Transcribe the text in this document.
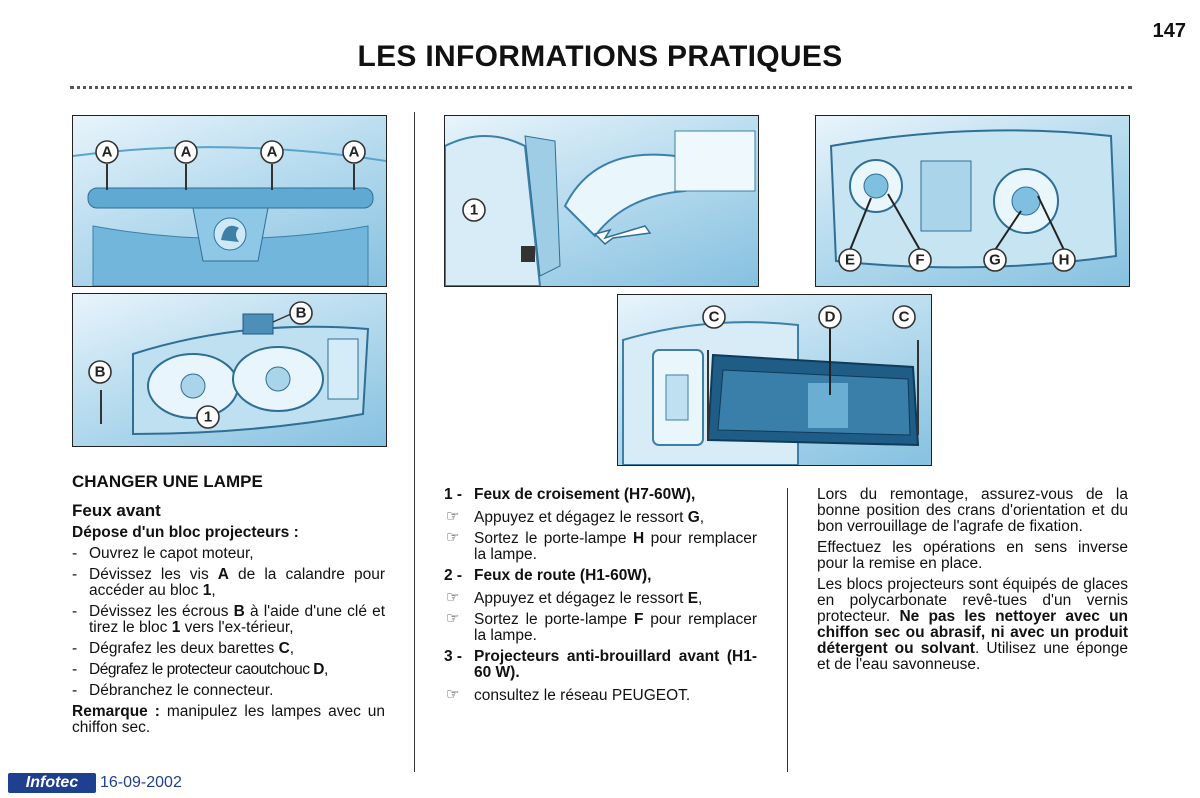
147
LES INFORMATIONS PRATIQUES
A	A	A	A
B
B
1
1
E	F	G	H
C	D	C
CHANGER UNE LAMPE
Feux avant
Dépose d'un bloc projecteurs :
- Ouvrez le capot moteur,
- Dévissez les vis A de la calandre pour accéder au bloc 1,
- Dévissez les écrous B à l'aide d'une clé et tirez le bloc 1 vers l'ex-térieur,
- Dégrafez les deux barettes C,
- Dégrafez le protecteur caoutchouc D,
- Débranchez le connecteur.
Remarque : manipulez les lampes avec un chiffon sec.
1 - Feux de croisement (H7-60W),
☞ Appuyez et dégagez le ressort G,
☞ Sortez le porte-lampe H pour remplacer la lampe.
2 - Feux de route (H1-60W),
☞ Appuyez et dégagez le ressort E,
☞ Sortez le porte-lampe F pour remplacer la lampe.
3 - Projecteurs anti-brouillard avant (H1-60 W).
☞ consultez le réseau PEUGEOT.
Lors du remontage, assurez-vous de la bonne position des crans d'orientation et du bon verrouillage de l'agrafe de fixation.
Effectuez les opérations en sens inverse pour la remise en place.
Les blocs projecteurs sont équipés de glaces en polycarbonate revê-tues d'un vernis protecteur. Ne pas les nettoyer avec un chiffon sec ou abrasif, ni avec un produit détergent ou solvant. Utilisez une éponge et de l'eau savonneuse.
Infotec	16-09-2002
